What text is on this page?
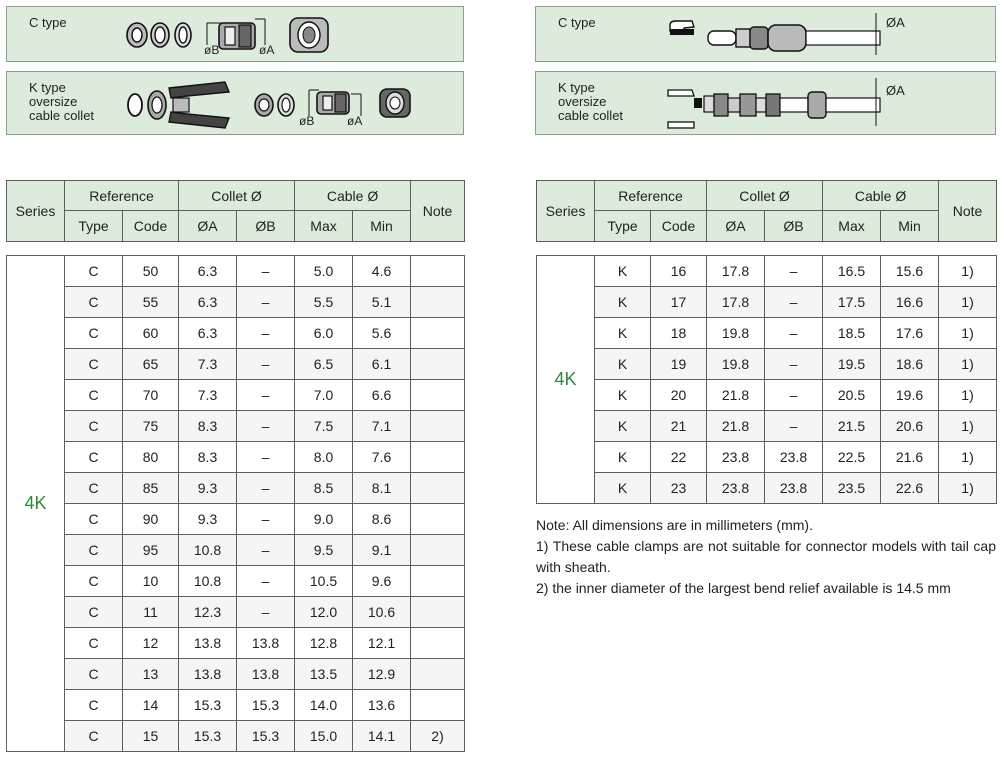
C type
øB	øA
K type
oversize
cable collet	øB	øA
C type	ØA
K type
oversize
cable collet
ØA
Series	Reference		Collet Ø		Cable Ø		Note
	Type	Code	ØA	ØB	Max	Min	

4K	C	50	6.3	–	5.0	4.6	
	C	55	6.3	–	5.5	5.1	
	C	60	6.3	–	6.0	5.6	
	C	65	7.3	–	6.5	6.1	
	C	70	7.3	–	7.0	6.6	
	C	75	8.3	–	7.5	7.1	
	C	80	8.3	–	8.0	7.6	
	C	85	9.3	–	8.5	8.1	
	C	90	9.3	–	9.0	8.6	
	C	95	10.8	–	9.5	9.1	
	C	10	10.8	–	10.5	9.6	
	C	11	12.3	–	12.0	10.6	
	C	12	13.8	13.8	12.8	12.1	
	C	13	13.8	13.8	13.5	12.9	
	C	14	15.3	15.3	14.0	13.6	
	C	15	15.3	15.3	15.0	14.1	2)
Series	Reference		Collet Ø		Cable Ø		Note
	Type	Code	ØA	ØB	Max	Min	

4K	K	16	17.8	–	16.5	15.6	1)
	K	17	17.8	–	17.5	16.6	1)
	K	18	19.8	–	18.5	17.6	1)
	K	19	19.8	–	19.5	18.6	1)
	K	20	21.8	–	20.5	19.6	1)
	K	21	21.8	–	21.5	20.6	1)
	K	22	23.8	23.8	22.5	21.6	1)
	K	23	23.8	23.8	23.5	22.6	1)

Note: All dimensions are in millimeters (mm).

1) These cable clamps are not suitable for connector models with tail cap with sheath.

2) the inner diameter of the largest bend relief available is 14.5 mm
